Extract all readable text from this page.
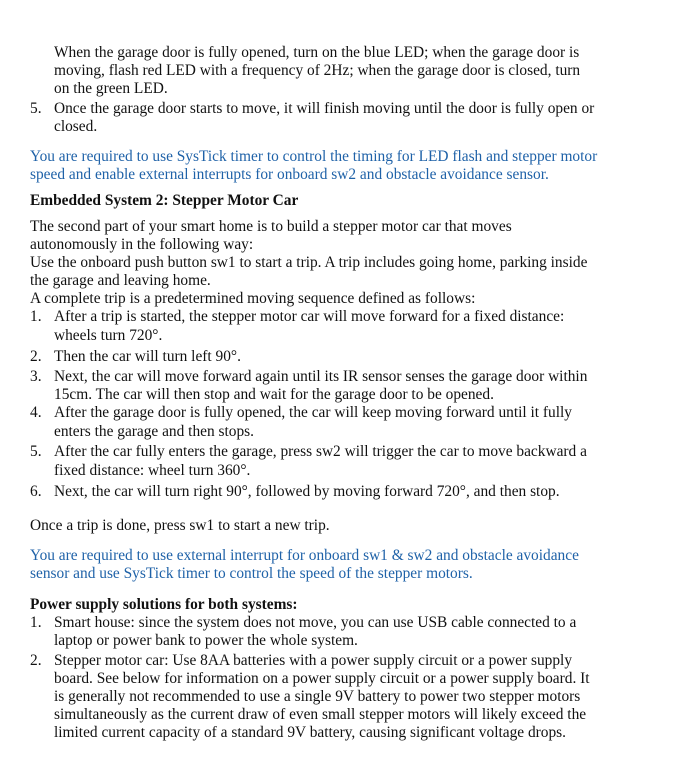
When the garage door is fully opened, turn on the blue LED; when the garage door is
moving, flash red LED with a frequency of 2Hz; when the garage door is closed, turn
on the green LED.
5. Once the garage door starts to move, it will finish moving until the door is fully open or
closed.
You are required to use SysTick timer to control the timing for LED flash and stepper motor
speed and enable external interrupts for onboard sw2 and obstacle avoidance sensor.
Embedded System 2: Stepper Motor Car
The second part of your smart home is to build a stepper motor car that moves
autonomously in the following way:
Use the onboard push button sw1 to start a trip. A trip includes going home, parking inside
the garage and leaving home.
A complete trip is a predetermined moving sequence defined as follows:
1. After a trip is started, the stepper motor car will move forward for a fixed distance:
wheels turn 720°.
2. Then the car will turn left 90°.
3. Next, the car will move forward again until its IR sensor senses the garage door within
15cm. The car will then stop and wait for the garage door to be opened.
4. After the garage door is fully opened, the car will keep moving forward until it fully
enters the garage and then stops.
5. After the car fully enters the garage, press sw2 will trigger the car to move backward a
fixed distance: wheel turn 360°.
6. Next, the car will turn right 90°, followed by moving forward 720°, and then stop.
Once a trip is done, press sw1 to start a new trip.
You are required to use external interrupt for onboard sw1 & sw2 and obstacle avoidance
sensor and use SysTick timer to control the speed of the stepper motors.
Power supply solutions for both systems:
1. Smart house: since the system does not move, you can use USB cable connected to a
laptop or power bank to power the whole system.
2. Stepper motor car: Use 8AA batteries with a power supply circuit or a power supply
board. See below for information on a power supply circuit or a power supply board. It
is generally not recommended to use a single 9V battery to power two stepper motors
simultaneously as the current draw of even small stepper motors will likely exceed the
limited current capacity of a standard 9V battery, causing significant voltage drops.
